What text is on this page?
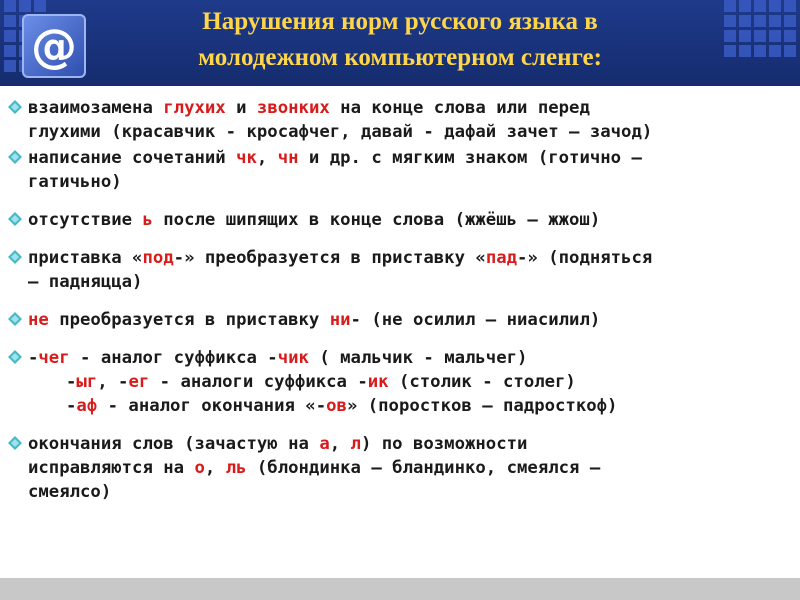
@	Нарушения норм русского языка в
молодежном компьютерном сленге:
взаимозамена глухих и звонких на конце слова или перед
глухими (красавчик - кросафчег, давай - дафай зачет – зачод)
написание сочетаний чк, чн и др. с мягким знаком (готично –
гатичьно)
отсутствие ь после шипящих в конце слова (жжёшь – жжош)
приставка «под-» преобразуется в приставку «пад-» (подняться
– падняцца)
не преобразуется в приставку ни- (не осилил – ниасилил)
-чег - аналог суффикса -чик ( мальчик - мальчег)
-ыг, -ег - аналоги суффикса -ик (столик - столег)
-аф - аналог окончания «-ов» (поростков – падросткоф)
окончания слов (зачастую на а, л) по возможности
исправляются на о, ль (блондинка – бландинко, смеялся –
смеялсо)
